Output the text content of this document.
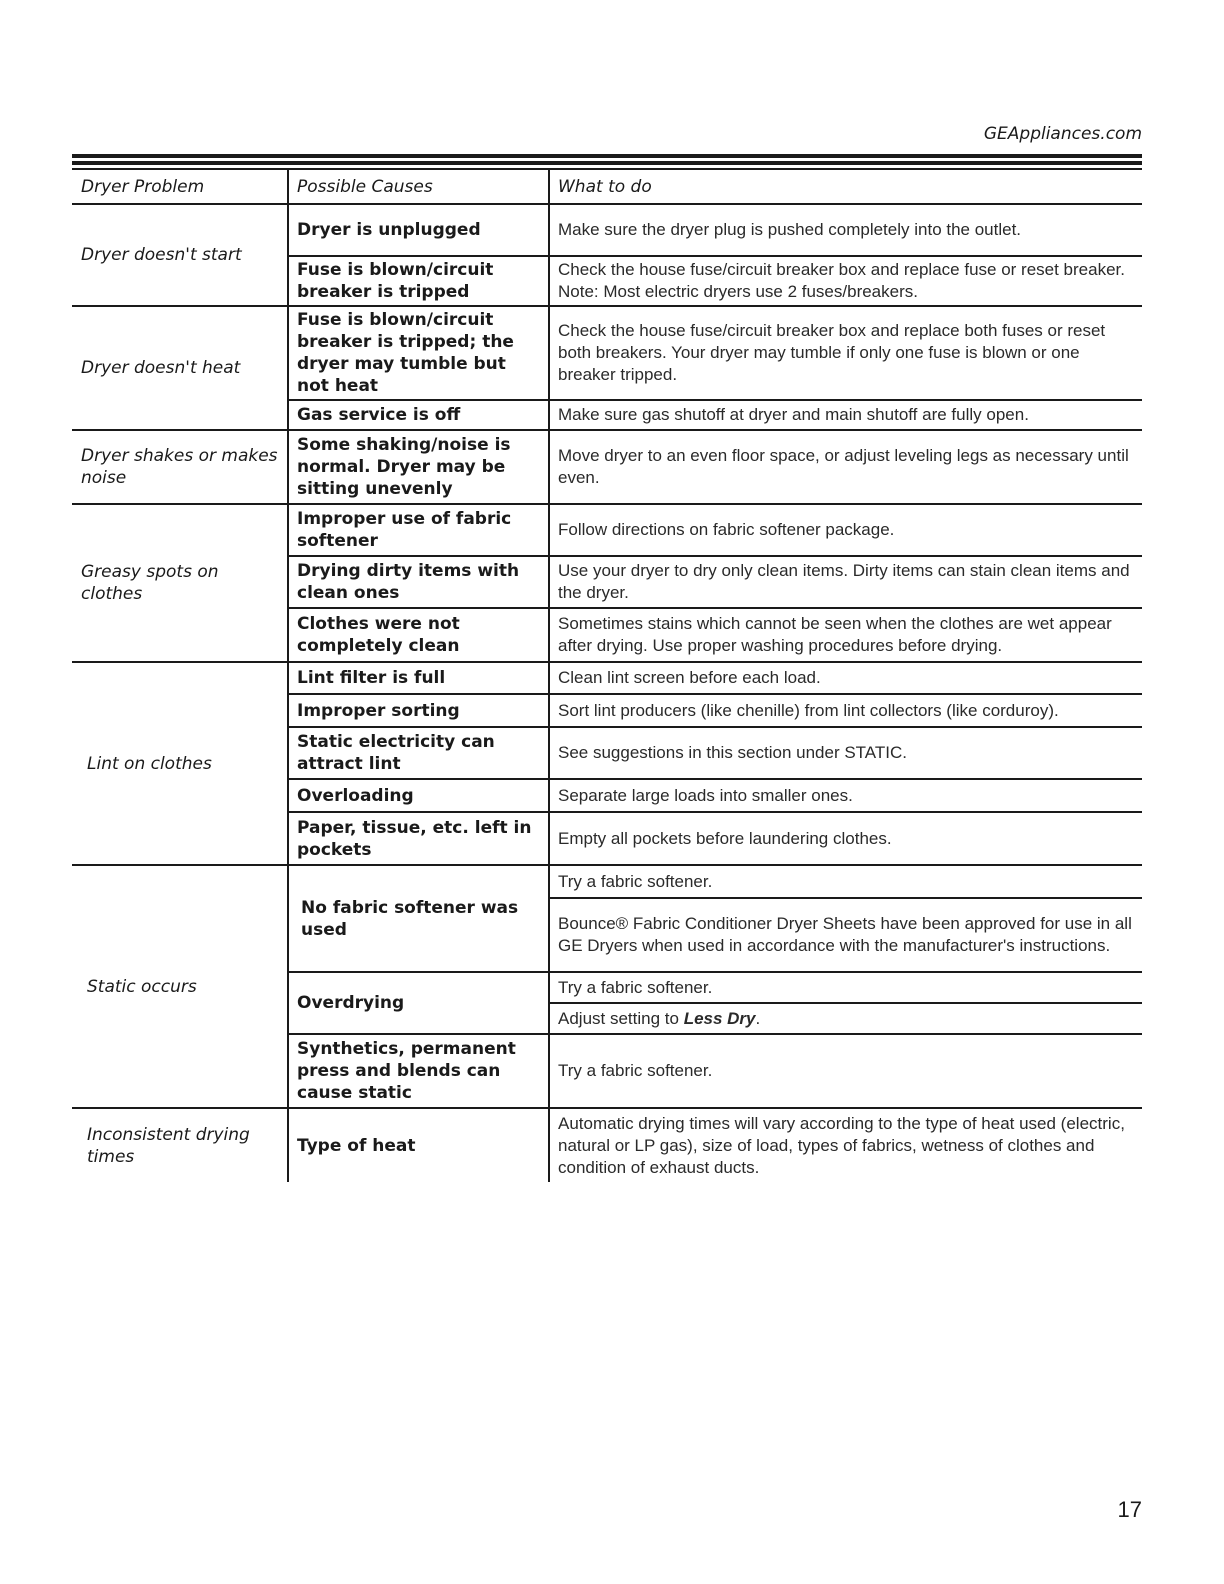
GEAppliances.com
Dryer Problem	Possible Causes	What to do
Dryer doesn't start	Dryer is unplugged	Make sure the dryer plug is pushed completely into the outlet.
	Fuse is blown/circuit breaker is tripped	Check the house fuse/circuit breaker box and replace fuse or reset breaker. Note: Most electric dryers use 2 fuses/breakers.
Dryer doesn't heat	Fuse is blown/circuit breaker is tripped; the dryer may tumble but not heat	Check the house fuse/circuit breaker box and replace both fuses or reset both breakers. Your dryer may tumble if only one fuse is blown or one breaker tripped.
	Gas service is off	Make sure gas shutoff at dryer and main shutoff are fully open.
Dryer shakes or makes noise	Some shaking/noise is normal. Dryer may be sitting unevenly	Move dryer to an even floor space, or adjust leveling legs as necessary until even.
Greasy spots on clothes	Improper use of fabric softener	Follow directions on fabric softener package.
	Drying dirty items with clean ones	Use your dryer to dry only clean items. Dirty items can stain clean items and the dryer.
	Clothes were not completely clean	Sometimes stains which cannot be seen when the clothes are wet appear after drying. Use proper washing procedures before drying.
Lint on clothes	Lint filter is full	Clean lint screen before each load.
	Improper sorting	Sort lint producers (like chenille) from lint collectors (like corduroy).
	Static electricity can attract lint	See suggestions in this section under STATIC.
	Overloading	Separate large loads into smaller ones.
	Paper, tissue, etc. left in pockets	Empty all pockets before laundering clothes.
Static occurs	No fabric softener was used	Try a fabric softener.
		Bounce® Fabric Conditioner Dryer Sheets have been approved for use in all GE Dryers when used in accordance with the manufacturer's instructions.
	Overdrying	Try a fabric softener.
		Adjust setting to Less Dry.
	Synthetics, permanent press and blends can cause static	Try a fabric softener.
Inconsistent drying times	Type of heat	Automatic drying times will vary according to the type of heat used (electric, natural or LP gas), size of load, types of fabrics, wetness of clothes and condition of exhaust ducts.
17
